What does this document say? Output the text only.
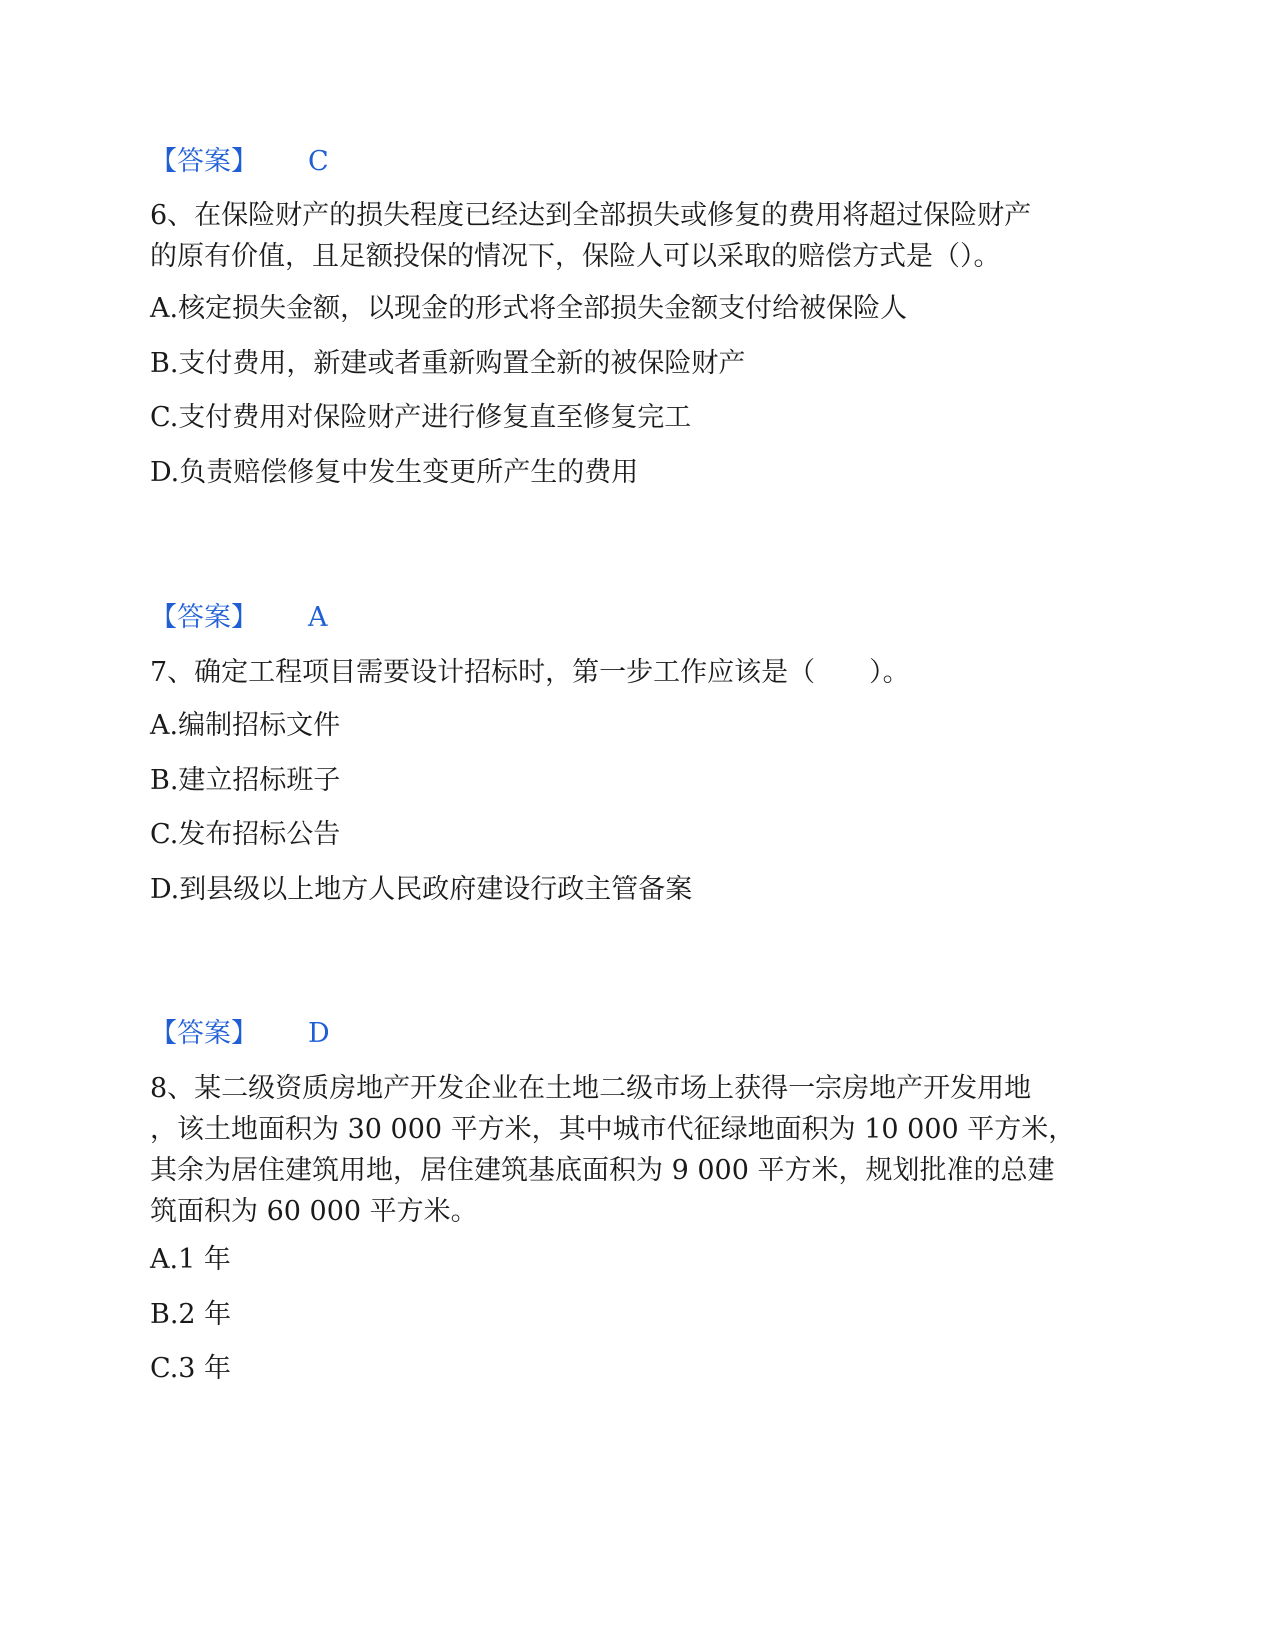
【答案】 C
6、在保险财产的损失程度已经达到全部损失或修复的费用将超过保险财产
的原有价值，且足额投保的情况下，保险人可以采取的赔偿方式是（）。
A.核定损失金额，以现金的形式将全部损失金额支付给被保险人
B.支付费用，新建或者重新购置全新的被保险财产
C.支付费用对保险财产进行修复直至修复完工
D.负责赔偿修复中发生变更所产生的费用
【答案】 A
7、确定工程项目需要设计招标时，第一步工作应该是（　　）。
A.编制招标文件
B.建立招标班子
C.发布招标公告
D.到县级以上地方人民政府建设行政主管备案
【答案】 D
8、某二级资质房地产开发企业在土地二级市场上获得一宗房地产开发用地
，该土地面积为 30 000 平方米，其中城市代征绿地面积为 10 000 平方米，
其余为居住建筑用地，居住建筑基底面积为 9 000 平方米，规划批准的总建
筑面积为 60 000 平方米。
A.1 年
B.2 年
C.3 年
